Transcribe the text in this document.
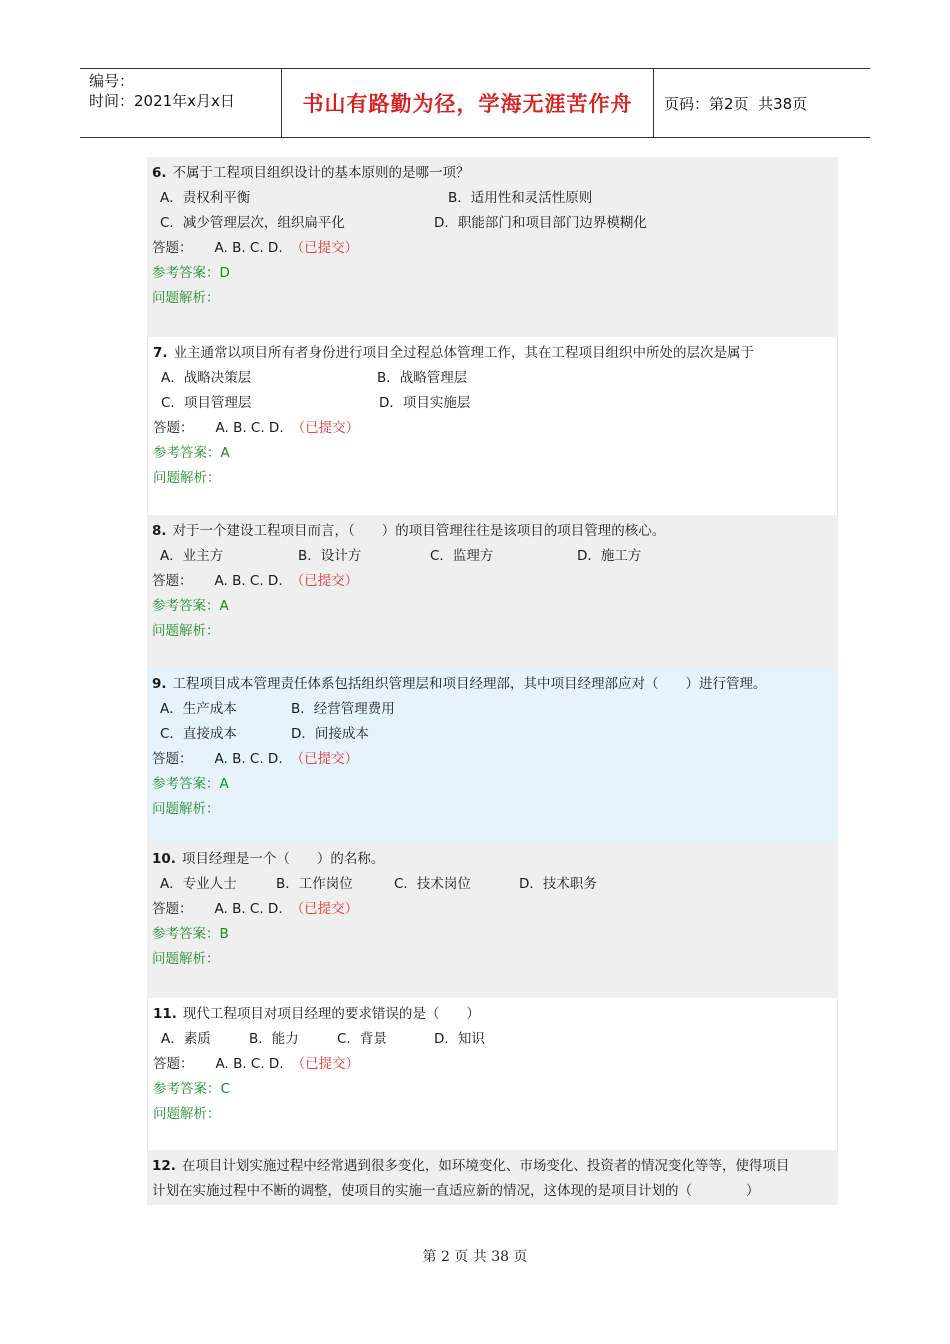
编号：
时间：2021年x月x日	书山有路勤为径，学海无涯苦作舟	页码：第2页  共38页
6. 不属于工程项目组织设计的基本原则的是哪一项？
A．责权利平衡	B．适用性和灵活性原则
C．减少管理层次，组织扁平化	D．职能部门和项目部门边界模糊化
答题： A. B. C. D. （已提交）
参考答案：D
问题解析：
7. 业主通常以项目所有者身份进行项目全过程总体管理工作，其在工程项目组织中所处的层次是属于
A．战略决策层	B．战略管理层
C．项目管理层	D．项目实施层
答题： A. B. C. D. （已提交）
参考答案：A
问题解析：
8. 对于一个建设工程项目而言，（　　）的项目管理往往是该项目的项目管理的核心。
A．业主方	B．设计方	C．监理方	D．施工方
答题： A. B. C. D. （已提交）
参考答案：A
问题解析：
9. 工程项目成本管理责任体系包括组织管理层和项目经理部，其中项目经理部应对（　　）进行管理。
A．生产成本	B．经营管理费用
C．直接成本	D．间接成本
答题： A. B. C. D. （已提交）
参考答案：A
问题解析：
10. 项目经理是一个（　　）的名称。
A．专业人士	B．工作岗位	C．技术岗位	D．技术职务
答题： A. B. C. D. （已提交）
参考答案：B
问题解析：
11. 现代工程项目对项目经理的要求错误的是（　　）
A．素质	B．能力	C．背景	D．知识
答题： A. B. C. D. （已提交）
参考答案：C
问题解析：
12. 在项目计划实施过程中经常遇到很多变化，如环境变化、市场变化、投资者的情况变化等等，使得项目
计划在实施过程中不断的调整，使项目的实施一直适应新的情况，这体现的是项目计划的（　　　　）
第 2 页 共 38 页
